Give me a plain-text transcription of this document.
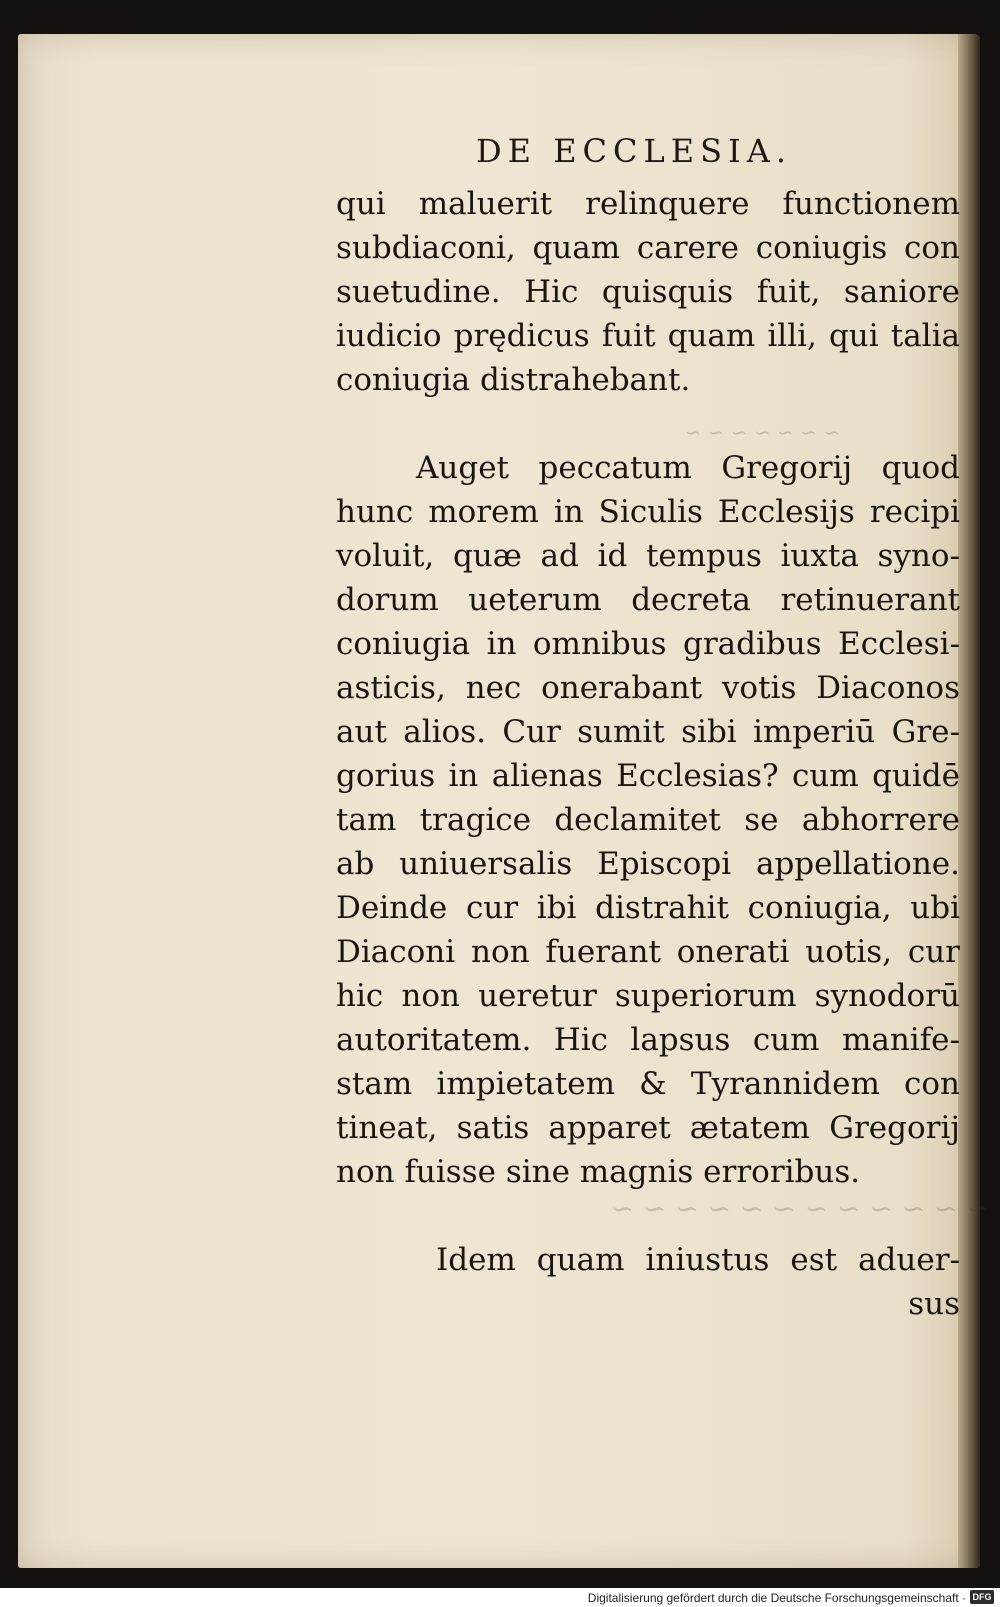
~ ~ ~ ~ ~ ~ ~
~ ~ ~ ~ ~ ~ ~ ~ ~ ~ ~ ~
DE ECCLESIA.
qui maluerit relinquere functionem
subdiaconi, quam carere coniugis con
suetudine. Hic quisquis fuit, saniore
iudicio prędicus fuit quam illi, qui talia
coniugia distrahebant.
Auget peccatum Gregorij quod
hunc morem in Siculis Ecclesijs recipi
voluit, quæ ad id tempus iuxta syno-
dorum ueterum decreta retinuerant
coniugia in omnibus gradibus Ecclesi-
asticis, nec onerabant votis Diaconos
aut alios. Cur sumit sibi imperiū Gre-
gorius in alienas Ecclesias? cum quidē
tam tragice declamitet se abhorrere
ab uniuersalis Episcopi appellatione.
Deinde cur ibi distrahit coniugia, ubi
Diaconi non fuerant onerati uotis, cur
hic non ueretur superiorum synodorū
autoritatem. Hic lapsus cum manife-
stam impietatem & Tyrannidem con
tineat, satis apparet ætatem Gregorij
non fuisse sine magnis erroribus.
Idem quam iniustus est aduer-
sus
Digitalisierung gefördert durch die Deutsche Forschungsgemeinschaft · DFG
